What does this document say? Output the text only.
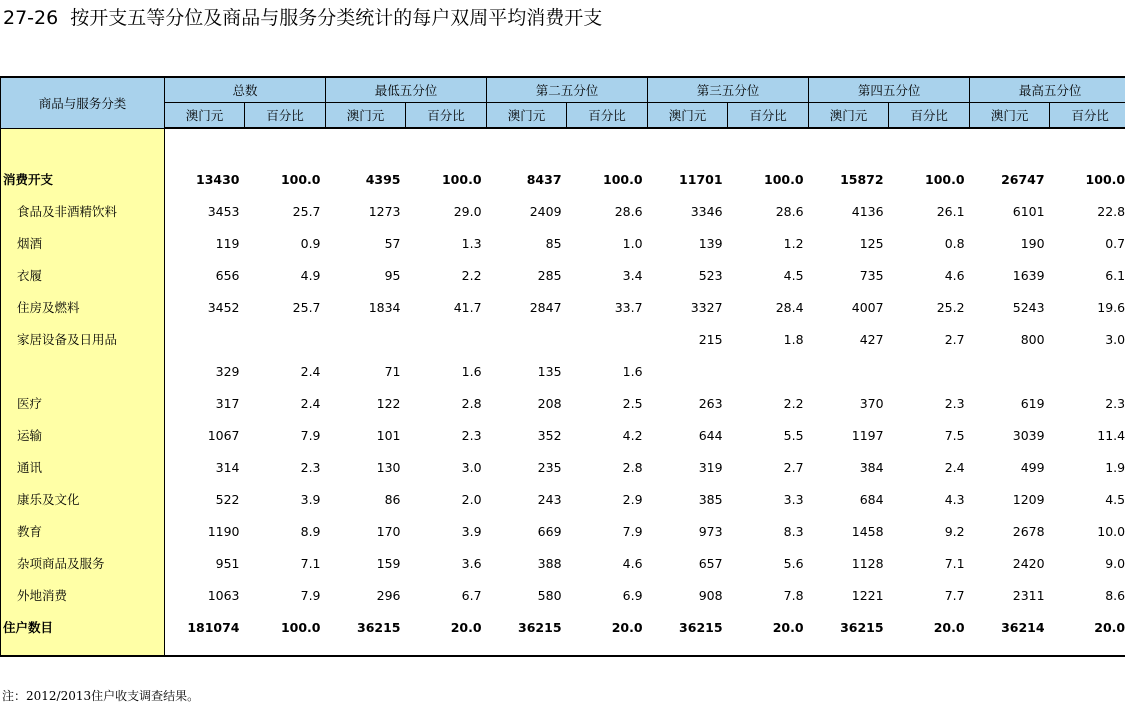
27-26 按开支五等分位及商品与服务分类统计的每户双周平均消费开支
商品与服务分类	总数		最低五分位		第二五分位		第三五分位		第四五分位		最高五分位	
	澳门元	百分比	澳门元	百分比	澳门元	百分比	澳门元	百分比	澳门元	百分比	澳门元	百分比

消费开支	13430	100.0	4395	100.0	8437	100.0	11701	100.0	15872	100.0	26747	100.0
食品及非酒精饮料	3453	25.7	1273	29.0	2409	28.6	3346	28.6	4136	26.1	6101	22.8
烟酒	119	0.9	57	1.3	85	1.0	139	1.2	125	0.8	190	0.7
衣履	656	4.9	95	2.2	285	3.4	523	4.5	735	4.6	1639	6.1
住房及燃料	3452	25.7	1834	41.7	2847	33.7	3327	28.4	4007	25.2	5243	19.6
家居设备及日用品							215	1.8	427	2.7	800	3.0
	329	2.4	71	1.6	135	1.6						
医疗	317	2.4	122	2.8	208	2.5	263	2.2	370	2.3	619	2.3
运输	1067	7.9	101	2.3	352	4.2	644	5.5	1197	7.5	3039	11.4
通讯	314	2.3	130	3.0	235	2.8	319	2.7	384	2.4	499	1.9
康乐及文化	522	3.9	86	2.0	243	2.9	385	3.3	684	4.3	1209	4.5
教育	1190	8.9	170	3.9	669	7.9	973	8.3	1458	9.2	2678	10.0
杂项商品及服务	951	7.1	159	3.6	388	4.6	657	5.6	1128	7.1	2420	9.0
外地消费	1063	7.9	296	6.7	580	6.9	908	7.8	1221	7.7	2311	8.6
住户数目	181074	100.0	36215	20.0	36215	20.0	36215	20.0	36215	20.0	36214	20.0

注：2012/2013住户收支调查结果。
